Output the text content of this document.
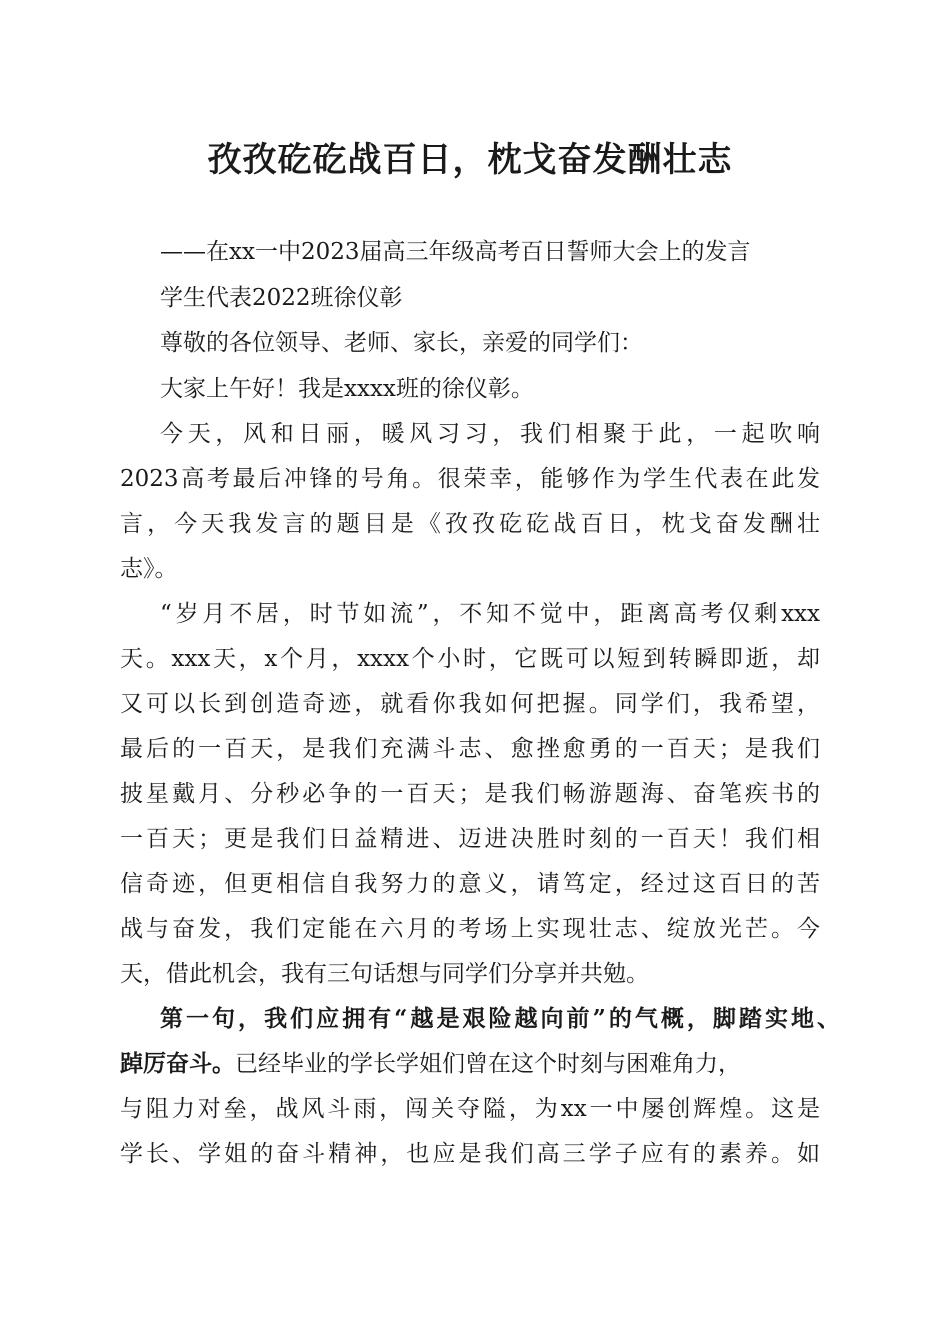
孜孜矻矻战百日，枕戈奋发酬壮志

——在xx一中2023届高三年级高考百日誓师大会上的发言

学生代表2022班徐仪彰

尊敬的各位领导、老师、家长，亲爱的同学们：

大家上午好！我是xxxx班的徐仪彰。

今天，风和日丽，暖风习习，我们相聚于此，一起吹响

2023高考最后冲锋的号角。很荣幸，能够作为学生代表在此发

言，今天我发言的题目是《孜孜矻矻战百日，枕戈奋发酬壮

志》。

“岁月不居，时节如流”，不知不觉中，距离高考仅剩xxx

天。xxx天，x个月，xxxx个小时，它既可以短到转瞬即逝，却

又可以长到创造奇迹，就看你我如何把握。同学们，我希望，

最后的一百天，是我们充满斗志、愈挫愈勇的一百天；是我们

披星戴月、分秒必争的一百天；是我们畅游题海、奋笔疾书的

一百天；更是我们日益精进、迈进决胜时刻的一百天！我们相

信奇迹，但更相信自我努力的意义，请笃定，经过这百日的苦

战与奋发，我们定能在六月的考场上实现壮志、绽放光芒。今

天，借此机会，我有三句话想与同学们分享并共勉。

第一句，我们应拥有“越是艰险越向前”的气概，脚踏实地、

踔厉奋斗。已经毕业的学长学姐们曾在这个时刻与困难角力，

与阻力对垒，战风斗雨，闯关夺隘，为xx一中屡创辉煌。这是

学长、学姐的奋斗精神，也应是我们高三学子应有的素养。如
